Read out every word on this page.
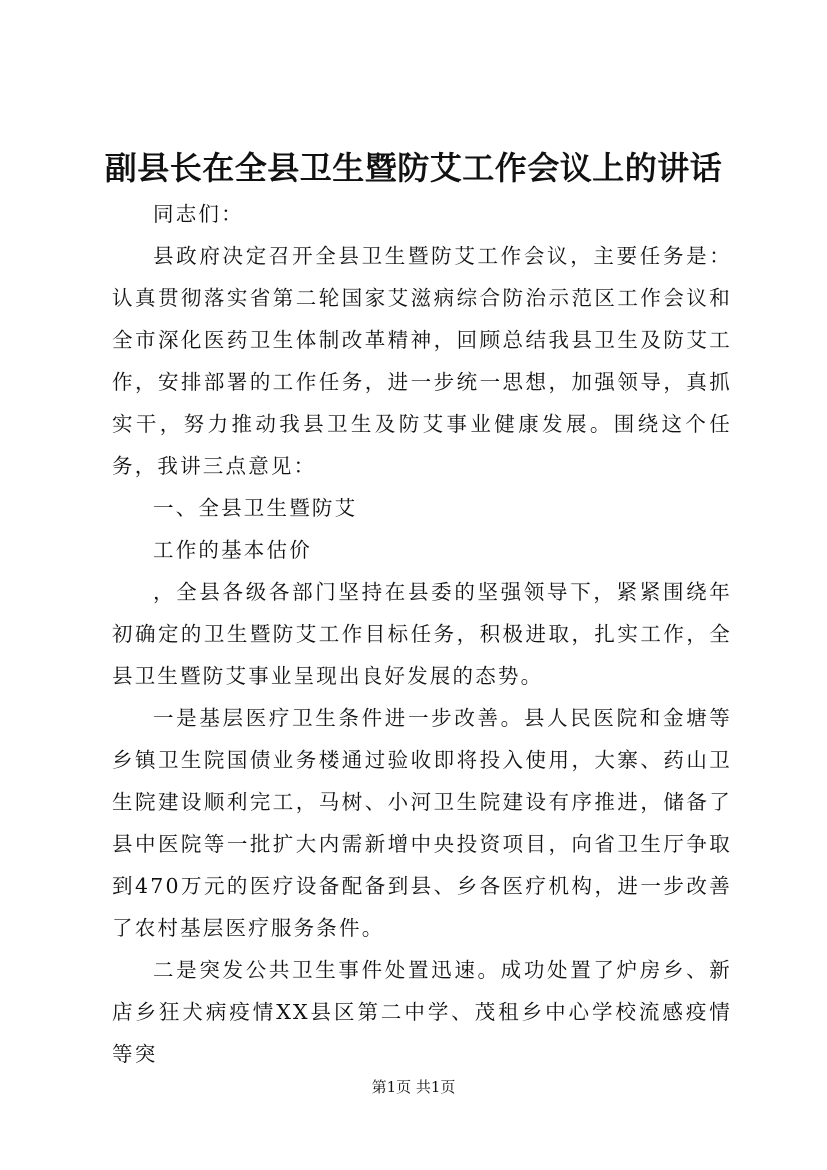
副县长在全县卫生暨防艾工作会议上的讲话

同志们：

县政府决定召开全县卫生暨防艾工作会议，主要任务是：认真贯彻落实省第二轮国家艾滋病综合防治示范区工作会议和全市深化医药卫生体制改革精神，回顾总结我县卫生及防艾工作，安排部署的工作任务，进一步统一思想，加强领导，真抓实干，努力推动我县卫生及防艾事业健康发展。围绕这个任务，我讲三点意见：

一、全县卫生暨防艾

工作的基本估价

，全县各级各部门坚持在县委的坚强领导下，紧紧围绕年初确定的卫生暨防艾工作目标任务，积极进取，扎实工作，全县卫生暨防艾事业呈现出良好发展的态势。

一是基层医疗卫生条件进一步改善。县人民医院和金塘等乡镇卫生院国债业务楼通过验收即将投入使用，大寨、药山卫生院建设顺利完工，马树、小河卫生院建设有序推进，储备了县中医院等一批扩大内需新增中央投资项目，向省卫生厅争取到470万元的医疗设备配备到县、乡各医疗机构，进一步改善了农村基层医疗服务条件。

二是突发公共卫生事件处置迅速。成功处置了炉房乡、新店乡狂犬病疫情XX县区第二中学、茂租乡中心学校流感疫情等突

第1页 共1页
